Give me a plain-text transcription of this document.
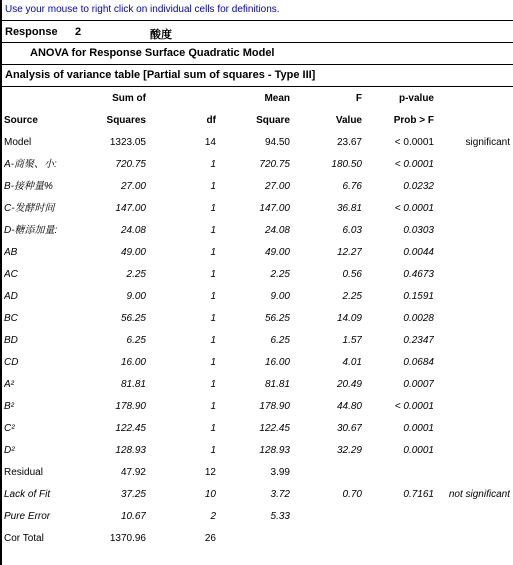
Use your mouse to right click on individual cells for definitions.
Response 2	酸度
ANOVA for Response Surface Quadratic Model
Analysis of variance table [Partial sum of squares - Type III]
	Sum of		Mean	F	p-value	
Source	Squares	df	Square	Value	Prob > F	
Model	1323.05	14	94.50	23.67	< 0.0001	significant
A-商聚、小:	720.75	1	720.75	180.50	< 0.0001	
B-接种量%	27.00	1	27.00	6.76	0.0232	
C-发酵时间	147.00	1	147.00	36.81	< 0.0001	
D-糖添加量:	24.08	1	24.08	6.03	0.0303	
AB	49.00	1	49.00	12.27	0.0044	
AC	2.25	1	2.25	0.56	0.4673	
AD	9.00	1	9.00	2.25	0.1591	
BC	56.25	1	56.25	14.09	0.0028	
BD	6.25	1	6.25	1.57	0.2347	
CD	16.00	1	16.00	4.01	0.0684	
A²	81.81	1	81.81	20.49	0.0007	
B²	178.90	1	178.90	44.80	< 0.0001	
C²	122.45	1	122.45	30.67	0.0001	
D²	128.93	1	128.93	32.29	0.0001	
Residual	47.92	12	3.99			
Lack of Fit	37.25	10	3.72	0.70	0.7161	not significant
Pure Error	10.67	2	5.33			
Cor Total	1370.96	26				
